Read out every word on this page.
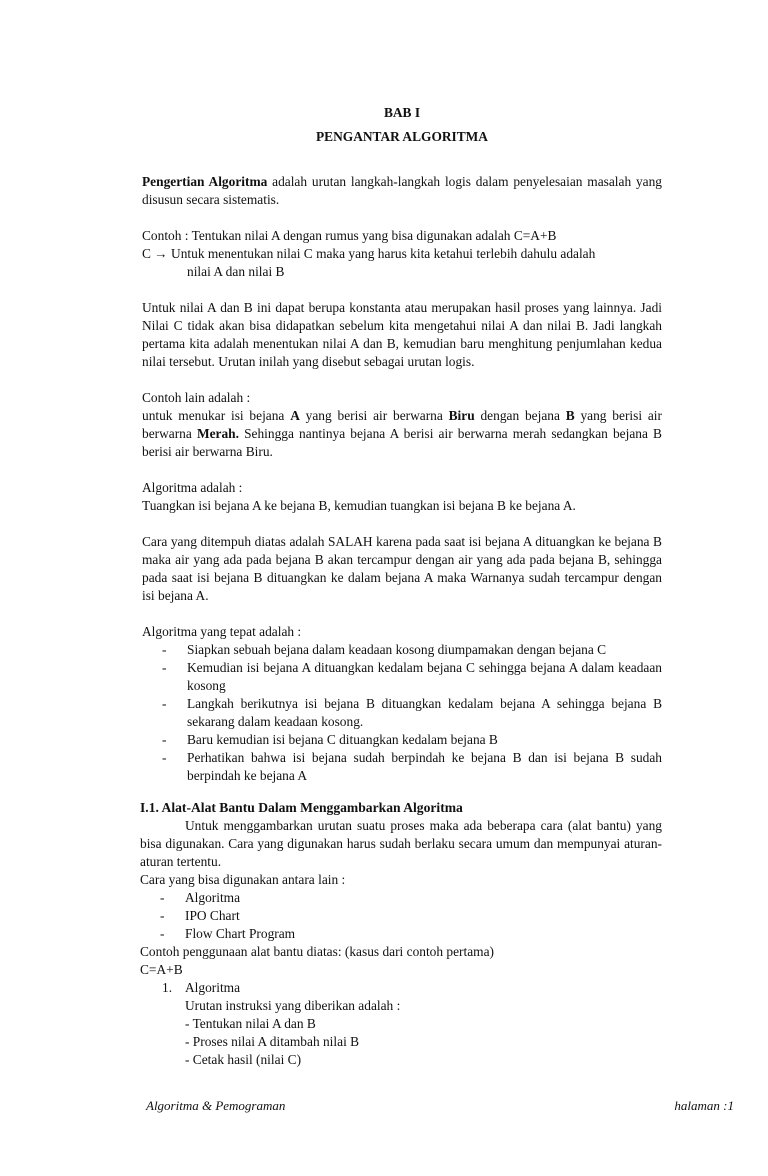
BAB I
PENGANTAR ALGORITMA

Pengertian Algoritma adalah urutan langkah-langkah logis dalam penyelesaian masalah yang disusun secara sistematis.

Contoh : Tentukan nilai A dengan rumus yang bisa digunakan adalah C=A+B
C → Untuk menentukan nilai C maka yang harus kita ketahui terlebih dahulu adalah
nilai A dan nilai B

Untuk nilai A dan B ini dapat berupa konstanta atau merupakan hasil proses yang lainnya. Jadi Nilai C tidak akan bisa didapatkan sebelum kita mengetahui nilai A dan nilai B. Jadi langkah pertama kita adalah menentukan nilai A dan B, kemudian baru menghitung penjumlahan kedua nilai tersebut. Urutan inilah yang disebut sebagai urutan logis.

Contoh lain adalah :

untuk menukar isi bejana A yang berisi air berwarna Biru dengan bejana B yang berisi air berwarna Merah. Sehingga nantinya bejana A berisi air berwarna merah sedangkan bejana B berisi air berwarna Biru.

Algoritma adalah :
Tuangkan isi bejana A ke bejana B, kemudian tuangkan isi bejana B ke bejana A.

Cara yang ditempuh diatas adalah SALAH karena pada saat isi bejana A dituangkan ke bejana B maka air yang ada pada bejana B akan tercampur dengan air yang ada pada bejana B, sehingga pada saat isi bejana B dituangkan ke dalam bejana A maka Warnanya sudah tercampur dengan isi bejana A.

Algoritma yang tepat adalah :
- Siapkan sebuah bejana dalam keadaan kosong diumpamakan dengan bejana C
- Kemudian isi bejana A dituangkan kedalam bejana C sehingga bejana A dalam keadaan kosong
- Langkah berikutnya isi bejana B dituangkan kedalam bejana A sehingga bejana B sekarang dalam keadaan kosong.
- Baru kemudian isi bejana C dituangkan kedalam bejana B
- Perhatikan bahwa isi bejana sudah berpindah ke bejana B dan isi bejana B sudah berpindah ke bejana A
I.1. Alat-Alat Bantu Dalam Menggambarkan Algoritma

Untuk menggambarkan urutan suatu proses maka ada beberapa cara (alat bantu) yang bisa digunakan. Cara yang digunakan harus sudah berlaku secara umum dan mempunyai aturan-aturan tertentu.

Cara yang bisa digunakan antara lain :
- Algoritma
- IPO Chart
- Flow Chart Program
Contoh penggunaan alat bantu diatas: (kasus dari contoh pertama)
C=A+B
1. Algoritma
Urutan instruksi yang diberikan adalah :
- Tentukan nilai A dan B
- Proses nilai A ditambah nilai B
- Cetak hasil (nilai C)
Algoritma & Pemograman	halaman :1
